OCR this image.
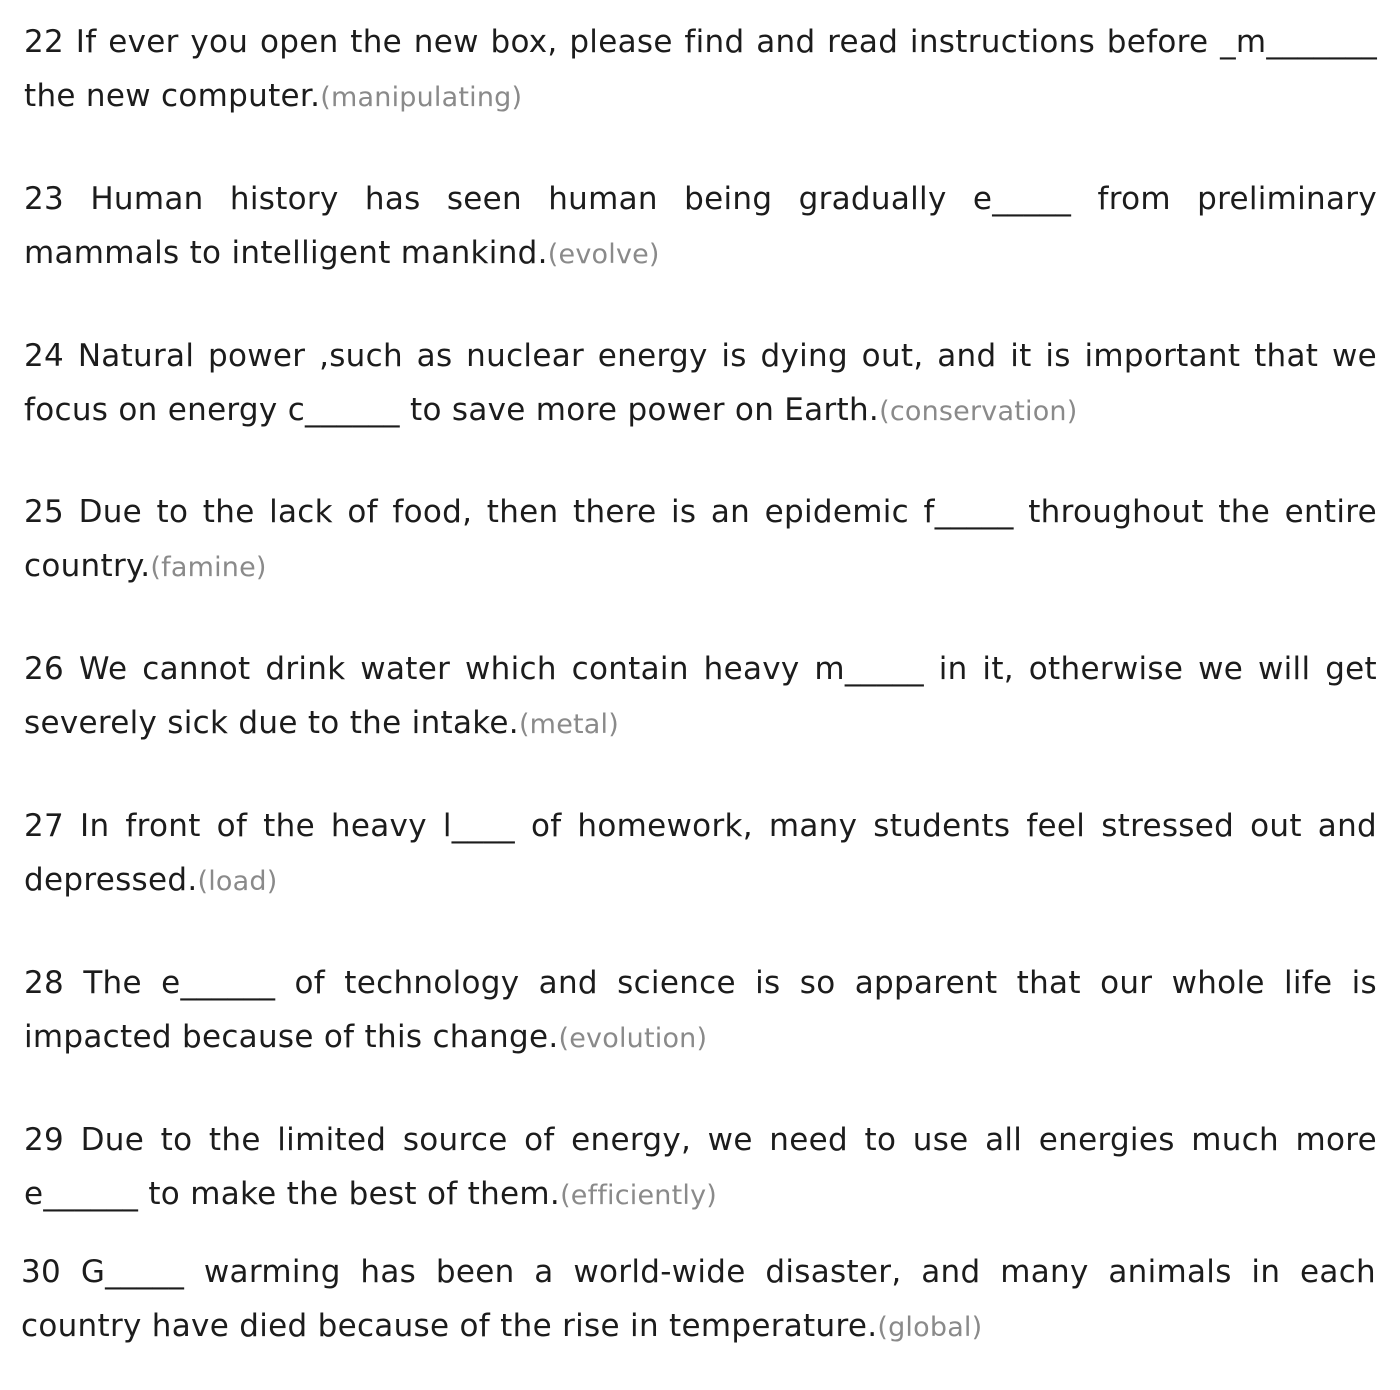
22 If ever you open the new box, please find and read instructions before _m_______ the new computer.(manipulating)

23 Human history has seen human being gradually e_____ from preliminary mammals to intelligent mankind.(evolve)

24 Natural power ,such as nuclear energy is dying out, and it is important that we focus on energy c______ to save more power on Earth.(conservation)

25 Due to the lack of food, then there is an epidemic f_____ throughout the entire country.(famine)

26 We cannot drink water which contain heavy m_____ in it, otherwise we will get severely sick due to the intake.(metal)

27 In front of the heavy l____ of homework, many students feel stressed out and depressed.(load)

28 The e______ of technology and science is so apparent that our whole life is impacted because of this change.(evolution)

29 Due to the limited source of energy, we need to use all energies much more e______ to make the best of them.(efficiently)

30 G_____ warming has been a world-wide disaster, and many animals in each country have died because of the rise in temperature.(global)
